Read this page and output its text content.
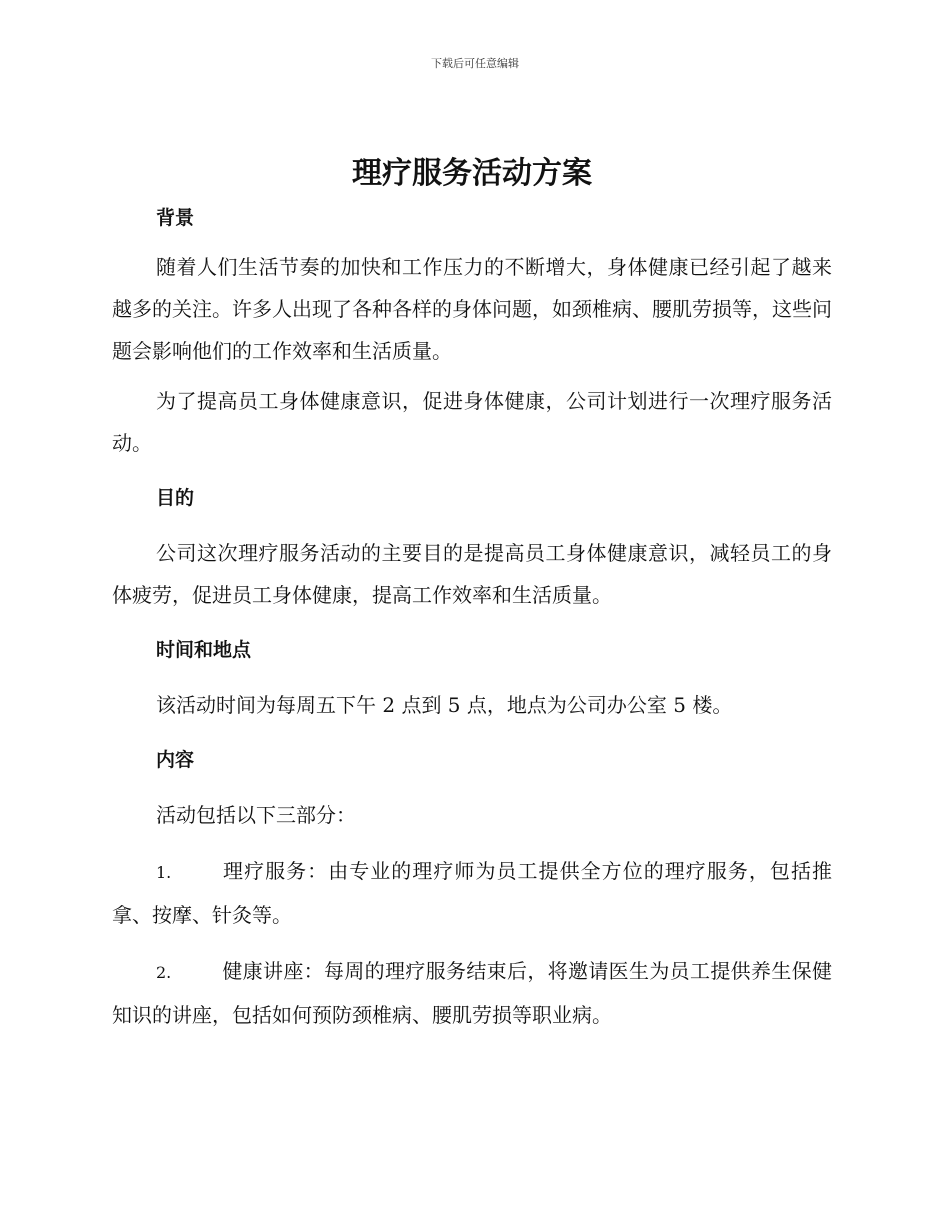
下载后可任意编辑
理疗服务活动方案
背景

随着人们生活节奏的加快和工作压力的不断增大，身体健康已经引起了越来越多的关注。许多人出现了各种各样的身体问题，如颈椎病、腰肌劳损等，这些问题会影响他们的工作效率和生活质量。

为了提高员工身体健康意识，促进身体健康，公司计划进行一次理疗服务活动。

目的

公司这次理疗服务活动的主要目的是提高员工身体健康意识，减轻员工的身体疲劳，促进员工身体健康，提高工作效率和生活质量。

时间和地点

该活动时间为每周五下午 2 点到 5 点，地点为公司办公室 5 楼。

内容

活动包括以下三部分：

1.	理疗服务：由专业的理疗师为员工提供全方位的理疗服务，包括推拿、按摩、针灸等。

2.	健康讲座：每周的理疗服务结束后，将邀请医生为员工提供养生保健知识的讲座，包括如何预防颈椎病、腰肌劳损等职业病。
